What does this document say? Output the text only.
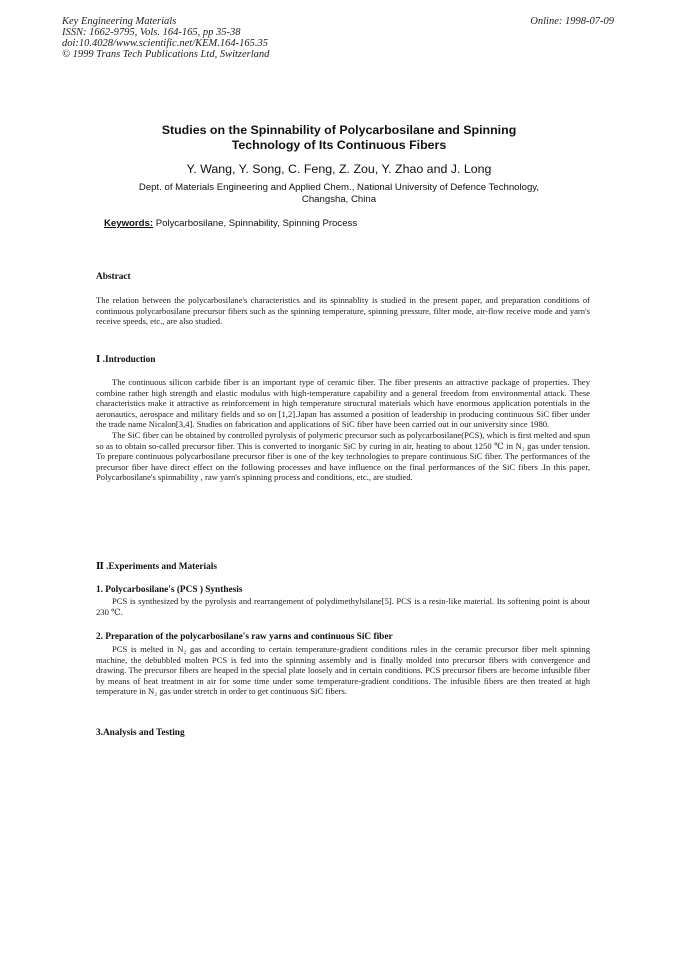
Key Engineering Materials
ISSN: 1662-9795, Vols. 164-165, pp 35-38
doi:10.4028/www.scientific.net/KEM.164-165.35
© 1999 Trans Tech Publications Ltd, Switzerland
Online: 1998-07-09
Studies on the Spinnability of Polycarbosilane and Spinning
Technology of Its Continuous Fibers
Y. Wang, Y. Song, C. Feng, Z. Zou, Y. Zhao and J. Long
Dept. of Materials Engineering and Applied Chem., National University of Defence Technology,
Changsha, China
Keywords: Polycarbosilane, Spinnability, Spinning Process
Abstract
The relation between the polycarbosilane's characteristics and its spinnablity is studied in the present paper, and preparation conditions of continuous polycarbosilane precursor fibers such as the spinning temperature, spinning pressure, filter mode, air-flow receive mode and yarn's receive speeds, etc., are also studied.
Ⅰ .Introduction

The continuous silicon carbide fiber is an important type of ceramic fiber. The fiber presents an attractive package of properties. They combine rather high strength and elastic modulus with high-temperature capability and a general freedom from environmental attack. These characteristics make it attractive as reinforcement in high temperature structural materials which have enormous application potentials in the aeronautics, aerospace and military fields and so on [1,2].Japan has assumed a position of leadership in producing continuous SiC fiber under the trade name Nicalon[3,4]. Studies on fabrication and applications of SiC fiber have been carried out in our university since 1980.

The SiC fiber can be obtained by controlled pyrolysis of polymeric precursor such as polycarbosilane(PCS), which is first melted and spun so as to obtain so-called precursor fiber. This is converted to inorganic SiC by curing in air, heating to about 1250 ℃ in N₂ gas under tension. To prepare continuous polycarbosilane precursor fiber is one of the key technologies to prepare continuous SiC fiber. The performances of the precursor fiber have direct effect on the following processes and have influence on the final performances of the SiC fibers .In this paper, Polycarbosilane's spinnability , raw yarn's spinning process and conditions, etc., are studied.

Ⅱ .Experiments and Materials
1. Polycarbosilane's (PCS ) Synthesis
PCS is synthesized by the pyrolysis and rearrangement of polydimethylsilane[5]. PCS is a resin-like material. Its softening point is about 230 ℃.
2. Preparation of the polycarbosilane's raw yarns and continuous SiC fiber
PCS is melted in N₂ gas and according to certain temperature-gradient conditions rules in the ceramic precursor fiber melt spinning machine, the debubbled molten PCS is fed into the spinning assembly and is finally molded into precursor fibers with convergence and drawing. The precursor fibers are heaped in the special plate loosely and in certain conditions. PCS precursor fibers are become infusible fiber by means of heat treatment in air for some time under some temperature-gradient conditions. The infusible fibers are then treated at high temperature in N₂ gas under stretch in order to get continuous SiC fibers.
3.Analysis and Testing
